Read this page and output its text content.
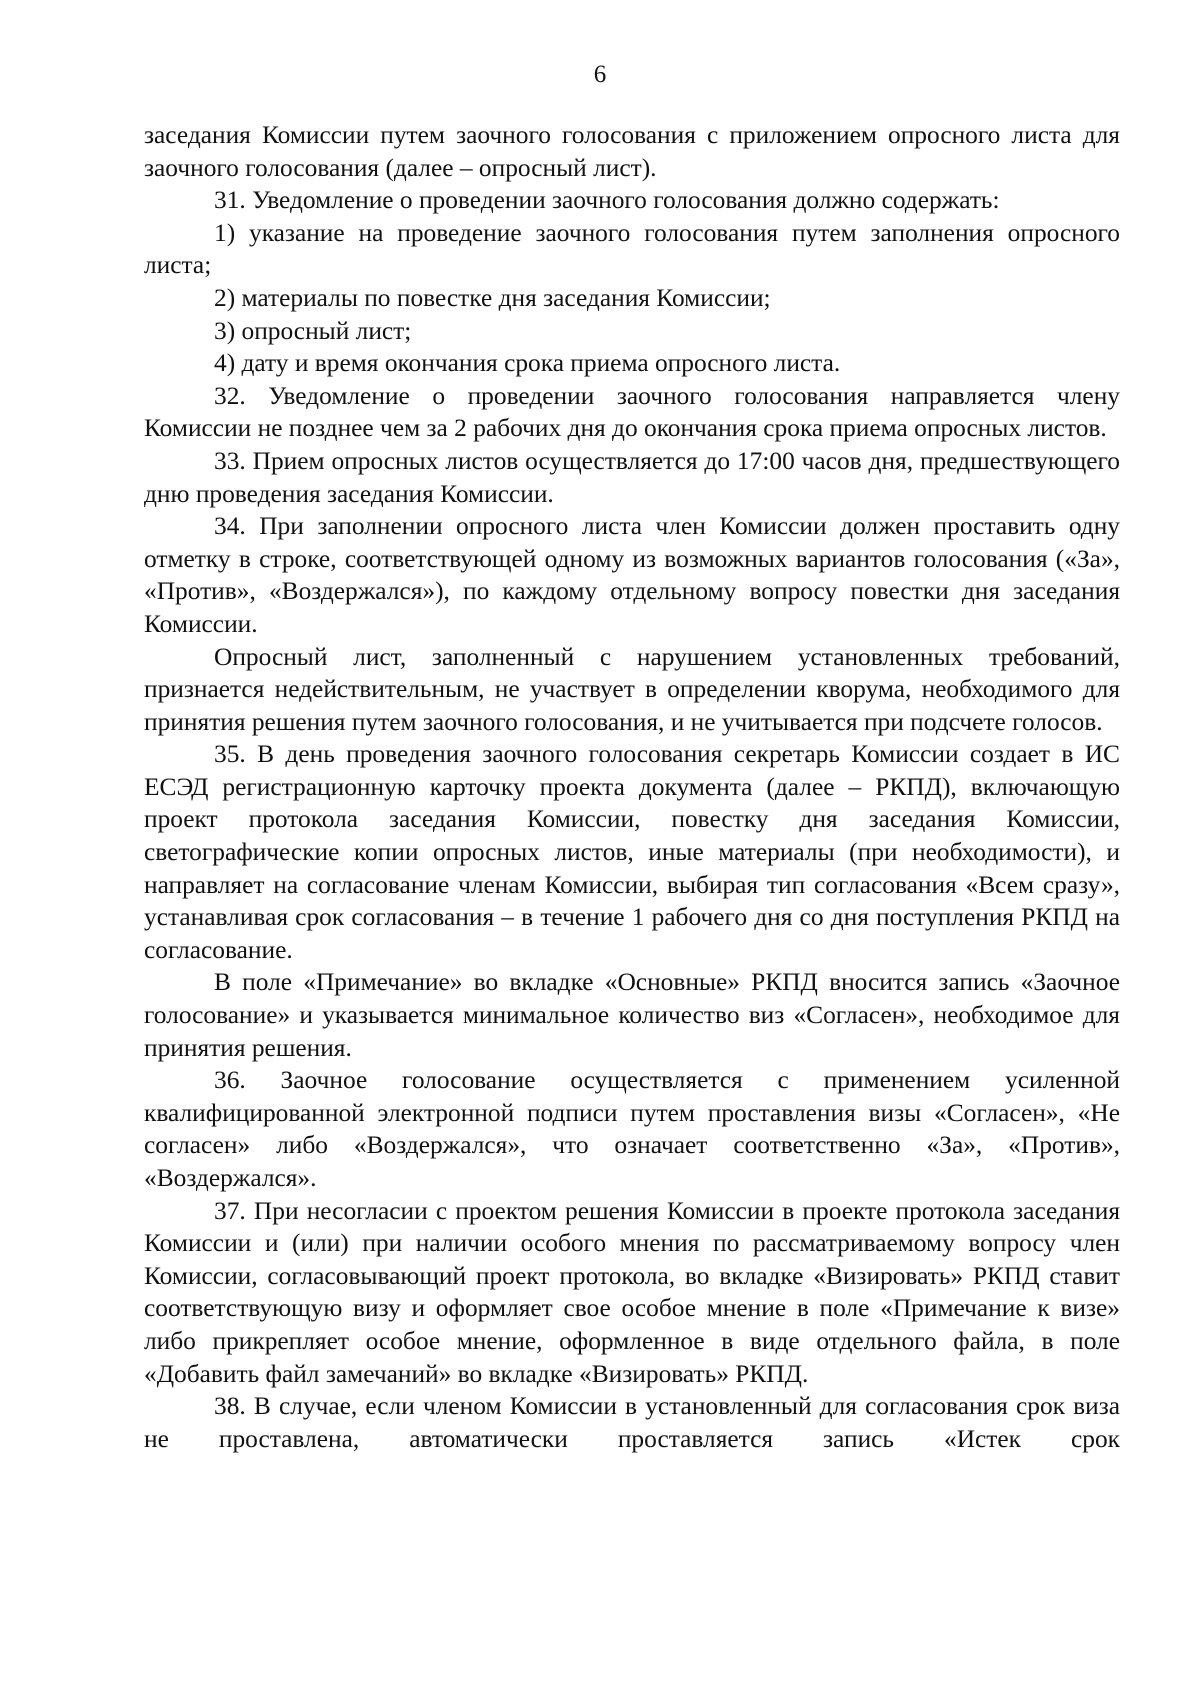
6

заседания Комиссии путем заочного голосования с приложением опросного листа для заочного голосования (далее – опросный лист).

31. Уведомление о проведении заочного голосования должно содержать:

1) указание на проведение заочного голосования путем заполнения опросного листа;

2) материалы по повестке дня заседания Комиссии;

3) опросный лист;

4) дату и время окончания срока приема опросного листа.

32. Уведомление о проведении заочного голосования направляется члену Комиссии не позднее чем за 2 рабочих дня до окончания срока приема опросных листов.

33. Прием опросных листов осуществляется до 17:00 часов дня, предшествующего дню проведения заседания Комиссии.

34. При заполнении опросного листа член Комиссии должен проставить одну отметку в строке, соответствующей одному из возможных вариантов голосования («За», «Против», «Воздержался»), по каждому отдельному вопросу повестки дня заседания Комиссии.

Опросный лист, заполненный с нарушением установленных требований, признается недействительным, не участвует в определении кворума, необходимого для принятия решения путем заочного голосования, и не учитывается при подсчете голосов.

35. В день проведения заочного голосования секретарь Комиссии создает в ИС ЕСЭД регистрационную карточку проекта документа (далее – РКПД), включающую проект протокола заседания Комиссии, повестку дня заседания Комиссии, светографические копии опросных листов, иные материалы (при необходимости), и направляет на согласование членам Комиссии, выбирая тип согласования «Всем сразу», устанавливая срок согласования – в течение 1 рабочего дня со дня поступления РКПД на согласование.

В поле «Примечание» во вкладке «Основные» РКПД вносится запись «Заочное голосование» и указывается минимальное количество виз «Согласен», необходимое для принятия решения.

36. Заочное голосование осуществляется с применением усиленной квалифицированной электронной подписи путем проставления визы «Согласен», «Не согласен» либо «Воздержался», что означает соответственно «За», «Против», «Воздержался».

37. При несогласии с проектом решения Комиссии в проекте протокола заседания Комиссии и (или) при наличии особого мнения по рассматриваемому вопросу член Комиссии, согласовывающий проект протокола, во вкладке «Визировать» РКПД ставит соответствующую визу и оформляет свое особое мнение в поле «Примечание к визе» либо прикрепляет особое мнение, оформленное в виде отдельного файла, в поле «Добавить файл замечаний» во вкладке «Визировать» РКПД.

38. В случае, если членом Комиссии в установленный для согласования срок виза не проставлена, автоматически проставляется запись «Истек срок
